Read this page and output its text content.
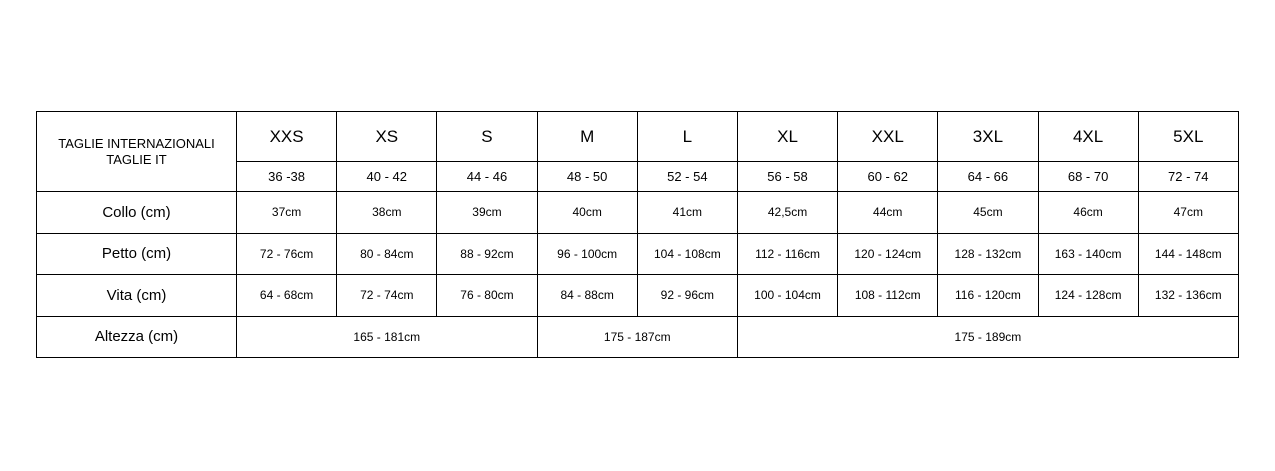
TAGLIE INTERNAZIONALI
TAGLIE IT	XXS	XS	S	M	L	XL	XXL	3XL	4XL	5XL
	36 -38	40 - 42	44 - 46	48 - 50	52 - 54	56 - 58	60 - 62	64 - 66	68 - 70	72 - 74
Collo (cm)	37cm	38cm	39cm	40cm	41cm	42,5cm	44cm	45cm	46cm	47cm
Petto (cm)	72 - 76cm	80 - 84cm	88 - 92cm	96 - 100cm	104 - 108cm	112 - 116cm	120 - 124cm	128 - 132cm	163 - 140cm	144 - 148cm
Vita (cm)	64 - 68cm	72 - 74cm	76 - 80cm	84 - 88cm	92 - 96cm	100 - 104cm	108 - 112cm	116 - 120cm	124 - 128cm	132 - 136cm
Altezza (cm)	165 - 181cm			175 - 187cm		175 - 189cm				
